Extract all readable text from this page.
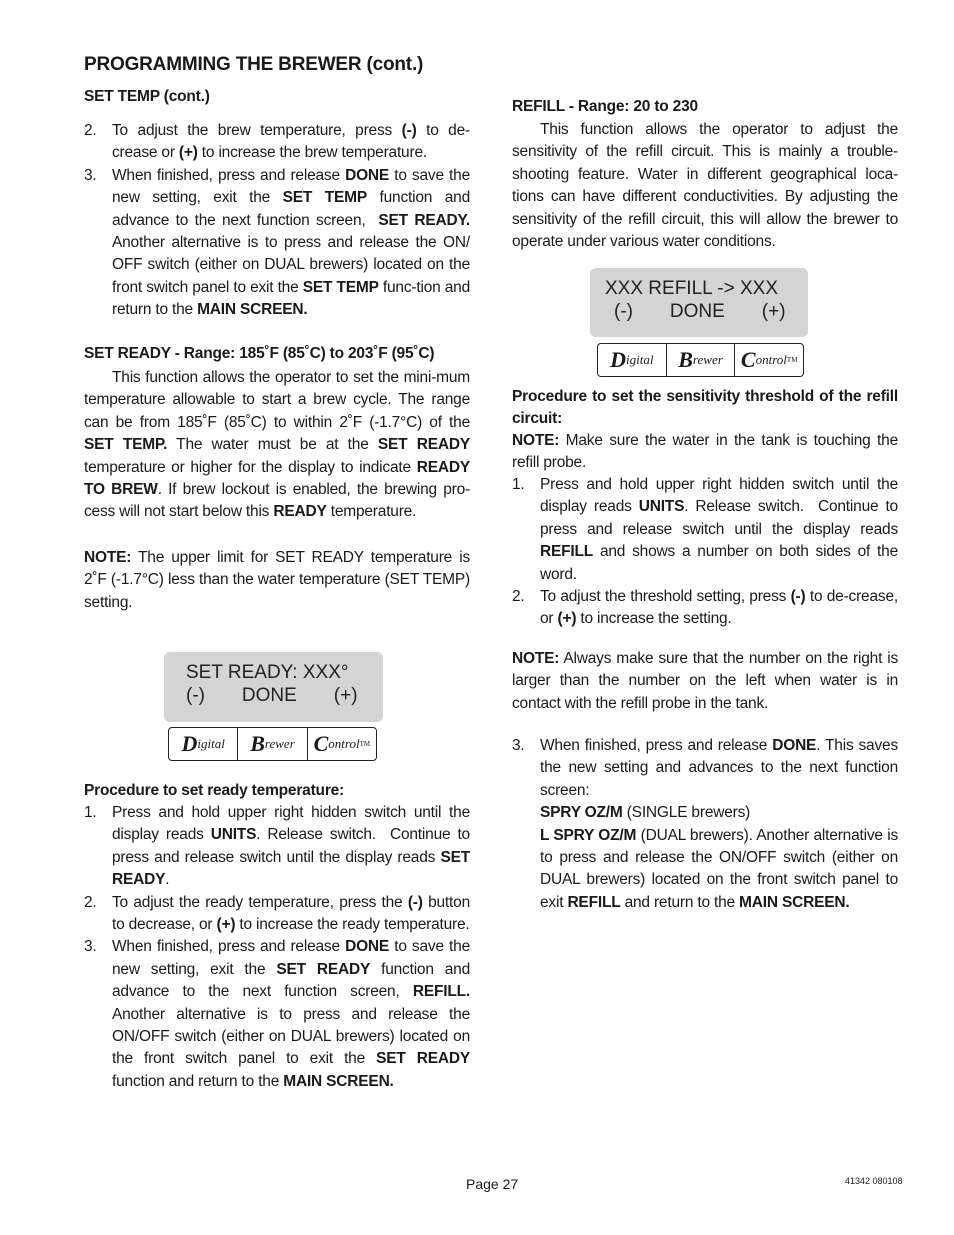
PROGRAMMING THE BREWER (cont.)
SET TEMP (cont.)
2. To adjust the brew temperature, press (-) to de-crease or (+) to increase the brew temperature.
3. When finished, press and release DONE to save the new setting, exit the SET TEMP function and advance to the next function screen,  SET READY. Another alternative is to press and release the ON/ OFF switch (either on DUAL brewers) located on the front switch panel to exit the SET TEMP func-tion and return to the MAIN SCREEN.
SET READY - Range: 185˚F (85˚C) to 203˚F (95˚C)
This function allows the operator to set the mini-mum temperature allowable to start a brew cycle. The range can be from 185˚F (85˚C) to within 2˚F (-1.7°C) of the SET TEMP. The water must be at the SET READY temperature or higher for the display to indicate READY TO BREW. If brew lockout is enabled, the brewing pro-cess will not start below this READY temperature.
NOTE: The upper limit for SET READY temperature is 2˚F (-1.7°C) less than the water temperature (SET TEMP) setting.
SET READY: XXX°
(-)       DONE       (+)
D igital B rewer C ontrol TM
Procedure to set ready temperature:
1. Press and hold upper right hidden switch until the display reads UNITS. Release switch.  Continue to press and release switch until the display reads SET READY.
2. To adjust the ready temperature, press the (-) button to decrease, or (+) to increase the ready temperature.
3. When finished, press and release DONE to save the new setting, exit the SET READY function and advance to the next function screen, REFILL. Another alternative is to press and release the ON/OFF switch (either on DUAL brewers) located on the front switch panel to exit the SET READY function and return to the MAIN SCREEN.
REFILL - Range: 20 to 230
This function allows the operator to adjust the sensitivity of the refill circuit. This is mainly a trouble-shooting feature. Water in different geographical loca-tions can have different conductivities. By adjusting the sensitivity of the refill circuit, this will allow the brewer to operate under various water conditions.
XXX REFILL -> XXX
(-)       DONE       (+)
D igital B rewer C ontrol TM
Procedure to set the sensitivity threshold of the refill circuit:
NOTE: Make sure the water in the tank is touching the refill probe.
1. Press and hold upper right hidden switch until the display reads UNITS. Release switch.  Continue to press and release switch until the display reads REFILL and shows a number on both sides of the word.
2. To adjust the threshold setting, press (-) to de-crease, or (+) to increase the setting.
NOTE: Always make sure that the number on the right is larger than the number on the left when water is in contact with the refill probe in the tank.
3. When finished, press and release DONE. This saves the new setting and advances to the next function screen:
SPRY OZ/M (SINGLE brewers)
L SPRY OZ/M (DUAL brewers). Another alternative is to press and release the ON/OFF switch (either on DUAL brewers) located on the front switch panel to exit REFILL and return to the MAIN SCREEN.
Page 27	41342 080108
